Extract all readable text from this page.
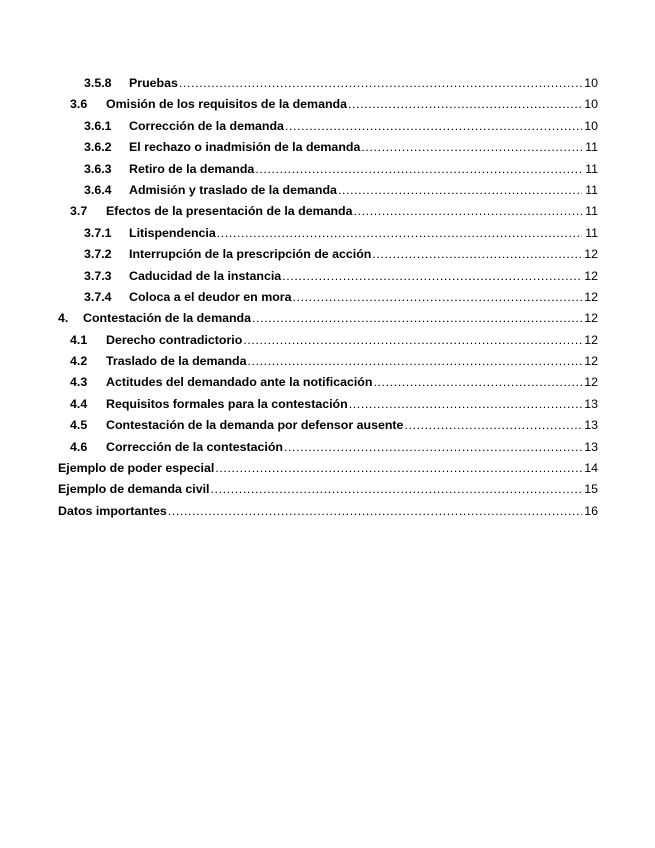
3.5.8 Pruebas .....	10
3.6 Omisión de los requisitos de la demanda .....	10
3.6.1 Corrección de la demanda .....	10
3.6.2 El rechazo o inadmisión de la demanda .....	11
3.6.3 Retiro de la demanda .....	11
3.6.4 Admisión y traslado de la demanda .....	11
3.7 Efectos de la presentación de la demanda .....	11
3.7.1 Litispendencia .....	11
3.7.2 Interrupción de la prescripción de acción .....	12
3.7.3 Caducidad de la instancia .....	12
3.7.4 Coloca a el deudor en mora .....	12
4. Contestación de la demanda .....	12
4.1 Derecho contradictorio .....	12
4.2 Traslado de la demanda .....	12
4.3 Actitudes del demandado ante la notificación .....	12
4.4 Requisitos formales para la contestación .....	13
4.5 Contestación de la demanda por defensor ausente .....	13
4.6 Corrección de la contestación .....	13
Ejemplo de poder especial .....	14
Ejemplo de demanda civil .....	15
Datos importantes .....	16
